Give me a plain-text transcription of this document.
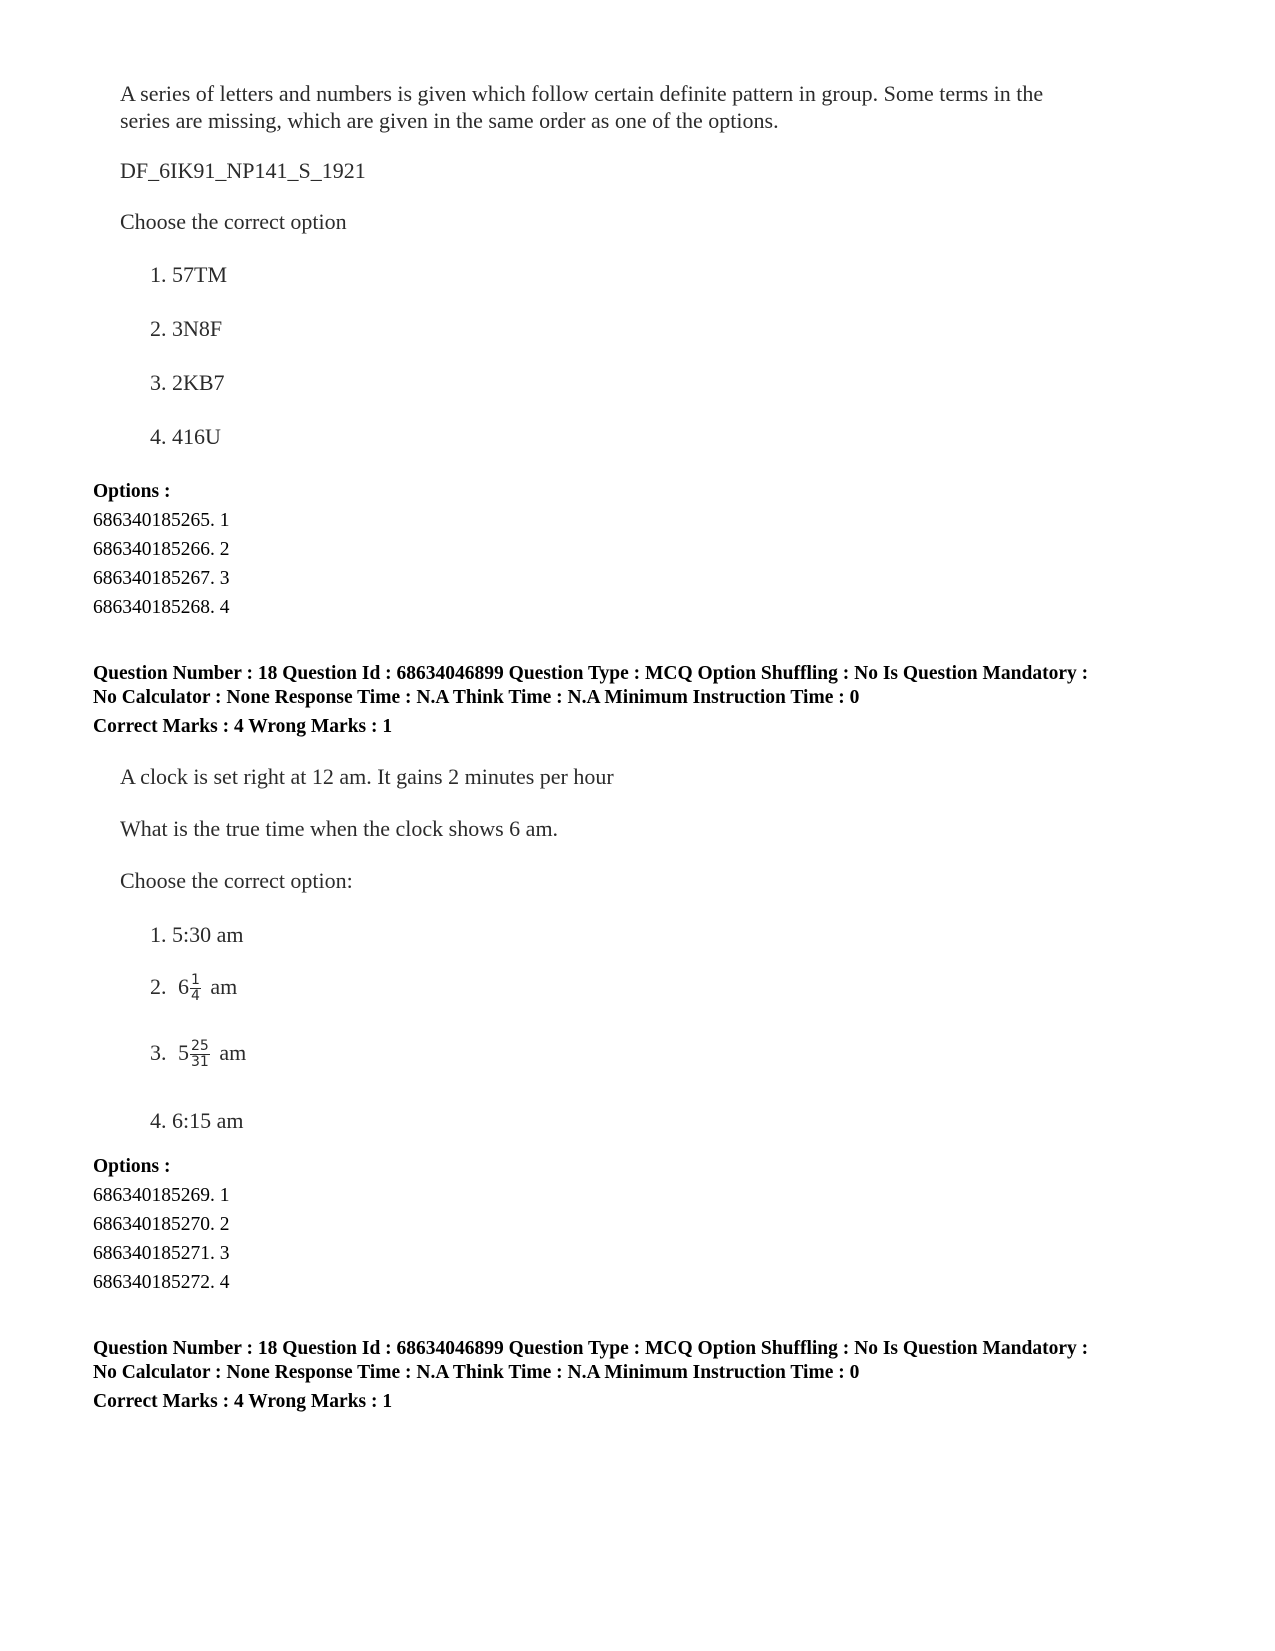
A series of letters and numbers is given which follow certain definite pattern in group. Some terms in the
series are missing, which are given in the same order as one of the options.
DF_6IK91_NP141_S_1921
Choose the correct option
1. 57TM
2. 3N8F
3. 2KB7
4. 416U
Options :
686340185265. 1
686340185266. 2
686340185267. 3
686340185268. 4
Question Number : 18 Question Id : 68634046899 Question Type : MCQ Option Shuffling : No Is Question Mandatory :
No Calculator : None Response Time : N.A Think Time : N.A Minimum Instruction Time : 0
Correct Marks : 4 Wrong Marks : 1
A clock is set right at 12 am. It gains 2 minutes per hour
What is the true time when the clock shows 6 am.
Choose the correct option:
1. 5:30 am
2. $6 \frac{1}{4}$ am
3. $5 \frac{25}{31}$ am
4. 6:15 am
Options :
686340185269. 1
686340185270. 2
686340185271. 3
686340185272. 4
Question Number : 18 Question Id : 68634046899 Question Type : MCQ Option Shuffling : No Is Question Mandatory :
No Calculator : None Response Time : N.A Think Time : N.A Minimum Instruction Time : 0
Correct Marks : 4 Wrong Marks : 1
